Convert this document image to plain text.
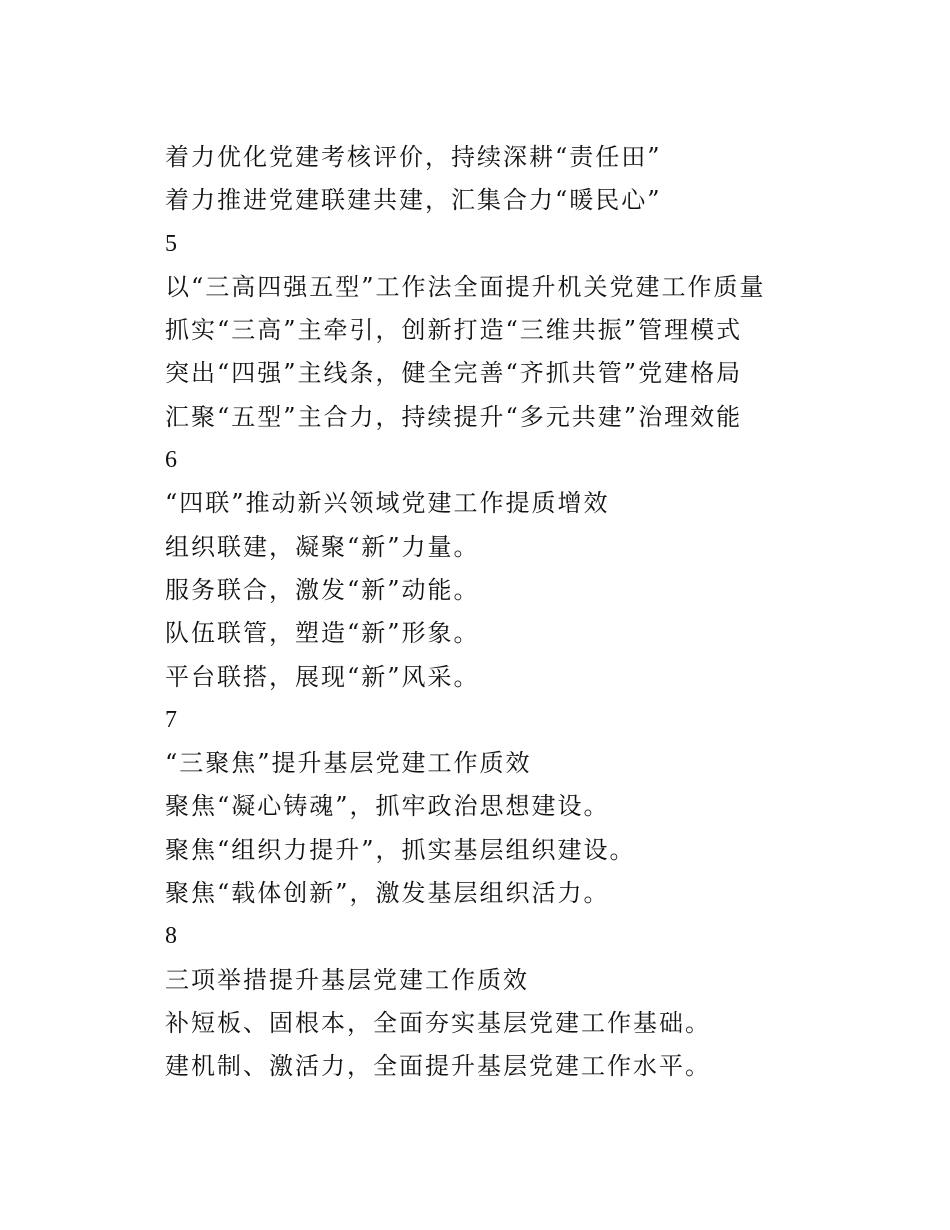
着力优化党建考核评价，持续深耕“责任田”
着力推进党建联建共建，汇集合力“暖民心”
5
以“三高四强五型”工作法全面提升机关党建工作质量
抓实“三高”主牵引，创新打造“三维共振”管理模式
突出“四强”主线条，健全完善“齐抓共管”党建格局
汇聚“五型”主合力，持续提升“多元共建”治理效能
6
“四联”推动新兴领域党建工作提质增效
组织联建，凝聚“新”力量。
服务联合，激发“新”动能。
队伍联管，塑造“新”形象。
平台联搭，展现“新”风采。
7
“三聚焦”提升基层党建工作质效
聚焦“凝心铸魂”，抓牢政治思想建设。
聚焦“组织力提升”，抓实基层组织建设。
聚焦“载体创新”，激发基层组织活力。
8
三项举措提升基层党建工作质效
补短板、固根本，全面夯实基层党建工作基础。
建机制、激活力，全面提升基层党建工作水平。
